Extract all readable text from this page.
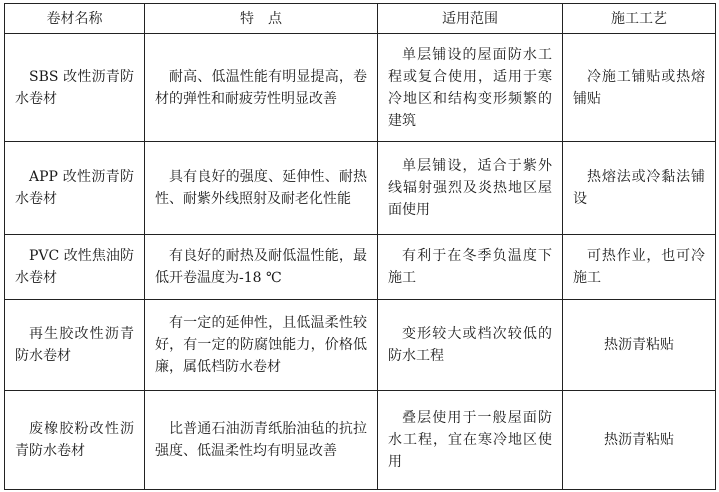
卷材名称	特　点	适用范围	施工工艺

SBS 改性沥青防水卷材	耐高、低温性能有明显提高，卷材的弹性和耐疲劳性明显改善	单层铺设的屋面防水工程或复合使用，适用于寒冷地区和结构变形频繁的建筑	冷施工铺贴或热熔铺贴

APP 改性沥青防水卷材	具有良好的强度、延伸性、耐热性、耐紫外线照射及耐老化性能	单层铺设，适合于紫外线辐射强烈及炎热地区屋面使用	热熔法或冷黏法铺设

PVC 改性焦油防水卷材	有良好的耐热及耐低温性能，最低开卷温度为-18 ℃	有利于在冬季负温度下施工	可热作业，也可冷施工

再生胶改性沥青防水卷材	有一定的延伸性，且低温柔性较好，有一定的防腐蚀能力，价格低廉，属低档防水卷材	变形较大或档次较低的防水工程	热沥青粘贴

废橡胶粉改性沥青防水卷材	比普通石油沥青纸胎油毡的抗拉强度、低温柔性均有明显改善	叠层使用于一般屋面防水工程，宜在寒冷地区使用	热沥青粘贴
